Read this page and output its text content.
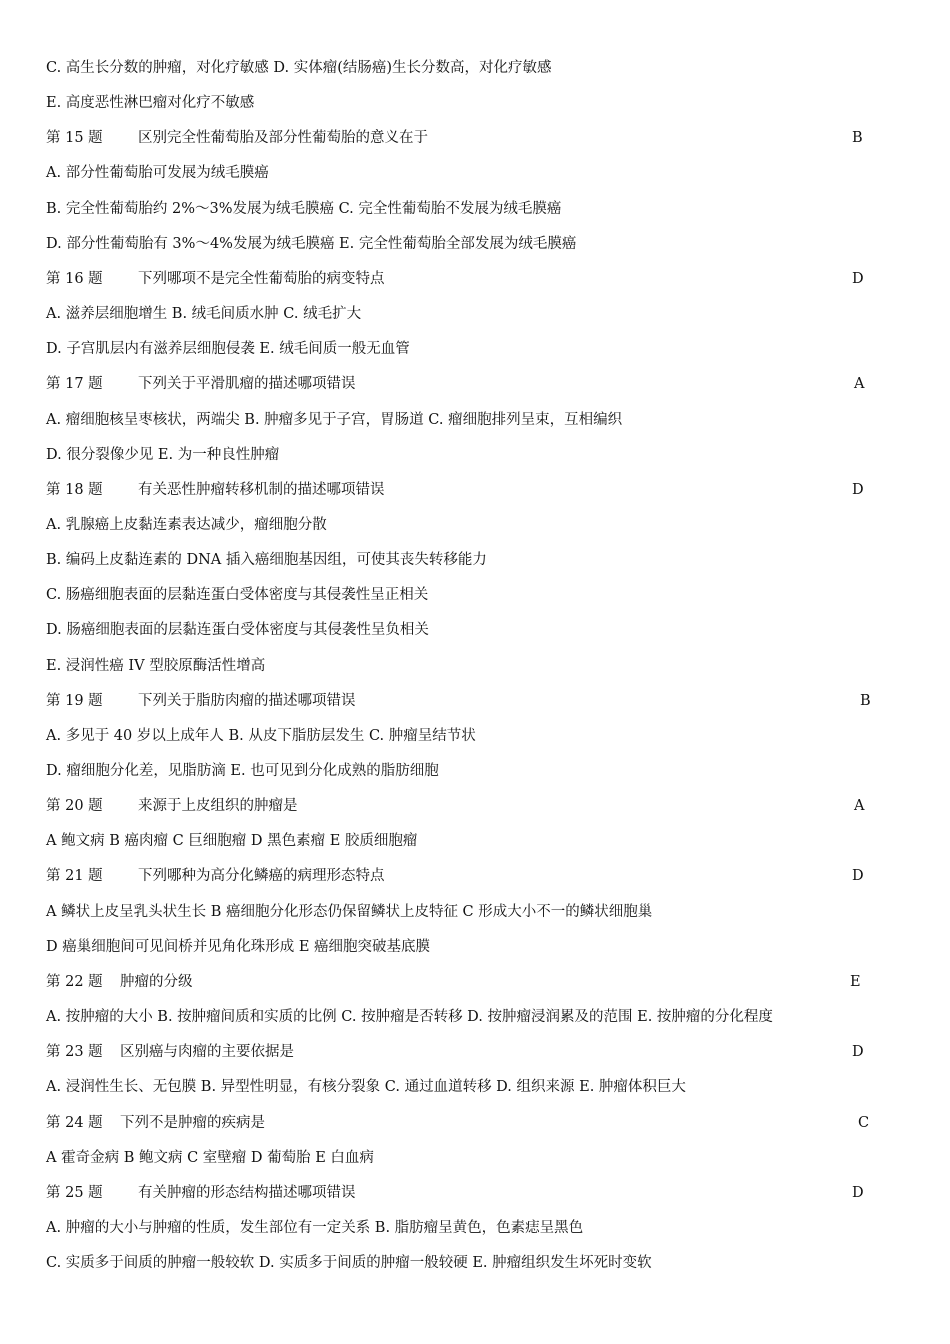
C. 高生长分数的肿瘤，对化疗敏感 D. 实体瘤(结肠癌)生长分数高，对化疗敏感
E. 高度恶性淋巴瘤对化疗不敏感
第 15 题 区别完全性葡萄胎及部分性葡萄胎的意义在于	B
A. 部分性葡萄胎可发展为绒毛膜癌
B. 完全性葡萄胎约 2%～3%发展为绒毛膜癌 C. 完全性葡萄胎不发展为绒毛膜癌
D. 部分性葡萄胎有 3%～4%发展为绒毛膜癌 E. 完全性葡萄胎全部发展为绒毛膜癌
第 16 题 下列哪项不是完全性葡萄胎的病变特点	D
A. 滋养层细胞增生 B. 绒毛间质水肿 C. 绒毛扩大
D. 子宫肌层内有滋养层细胞侵袭 E. 绒毛间质一般无血管
第 17 题 下列关于平滑肌瘤的描述哪项错误	A
A. 瘤细胞核呈枣核状，两端尖 B. 肿瘤多见于子宫，胃肠道 C. 瘤细胞排列呈束，互相编织
D. 很分裂像少见 E. 为一种良性肿瘤
第 18 题 有关恶性肿瘤转移机制的描述哪项错误	D
A. 乳腺癌上皮黏连素表达减少，瘤细胞分散
B. 编码上皮黏连素的 DNA 插入癌细胞基因组，可使其丧失转移能力
C. 肠癌细胞表面的层黏连蛋白受体密度与其侵袭性呈正相关
D. 肠癌细胞表面的层黏连蛋白受体密度与其侵袭性呈负相关
E. 浸润性癌 IV 型胶原酶活性增高
第 19 题 下列关于脂肪肉瘤的描述哪项错误	B
A. 多见于 40 岁以上成年人 B. 从皮下脂肪层发生 C. 肿瘤呈结节状
D. 瘤细胞分化差，见脂肪滴 E. 也可见到分化成熟的脂肪细胞
第 20 题 来源于上皮组织的肿瘤是	A
A 鲍文病 B 癌肉瘤 C 巨细胞瘤 D 黑色素瘤 E 胶质细胞瘤
第 21 题 下列哪种为高分化鳞癌的病理形态特点	D
A 鳞状上皮呈乳头状生长 B 癌细胞分化形态仍保留鳞状上皮特征 C 形成大小不一的鳞状细胞巢
D 癌巢细胞间可见间桥并见角化珠形成 E 癌细胞突破基底膜
第 22 题 肿瘤的分级	E
A. 按肿瘤的大小 B. 按肿瘤间质和实质的比例 C. 按肿瘤是否转移 D. 按肿瘤浸润累及的范围 E. 按肿瘤的分化程度
第 23 题 区别癌与肉瘤的主要依据是	D
A. 浸润性生长、无包膜 B. 异型性明显，有核分裂象 C. 通过血道转移 D. 组织来源 E. 肿瘤体积巨大
第 24 题 下列不是肿瘤的疾病是	C
A 霍奇金病 B 鲍文病 C 室壁瘤 D 葡萄胎 E 白血病
第 25 题 有关肿瘤的形态结构描述哪项错误	D
A. 肿瘤的大小与肿瘤的性质，发生部位有一定关系 B. 脂肪瘤呈黄色，色素痣呈黑色
C. 实质多于间质的肿瘤一般较软 D. 实质多于间质的肿瘤一般较硬 E. 肿瘤组织发生坏死时变软
